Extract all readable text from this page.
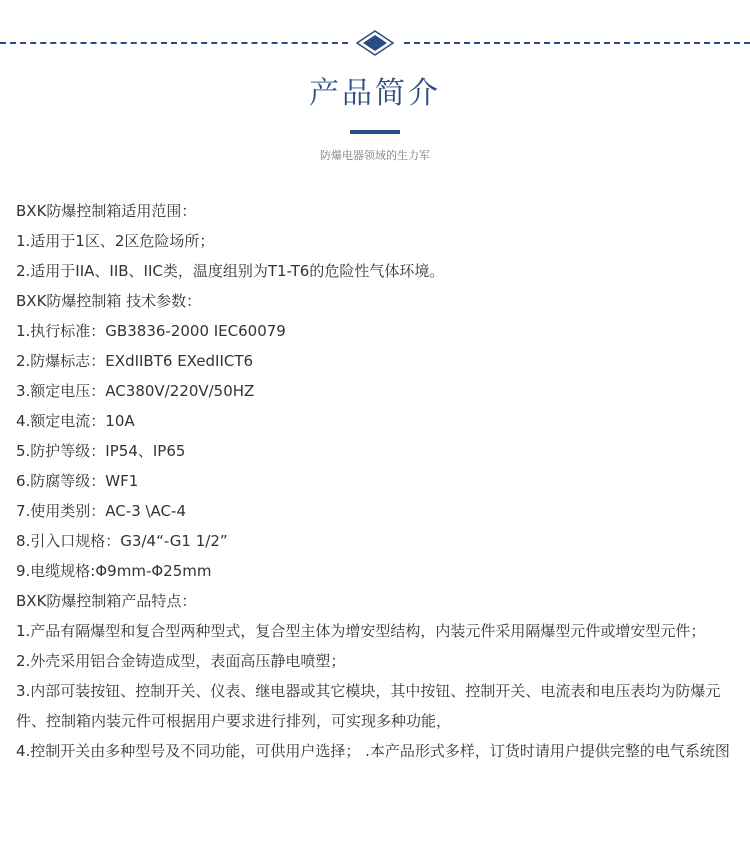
产品简介
防爆电器领域的生力军

BXK防爆控制箱适用范围：

1.适用于1区、2区危险场所；

2.适用于IIA、IIB、IIC类，温度组别为T1-T6的危险性气体环境。

BXK防爆控制箱 技术参数：

1.执行标准：GB3836-2000 IEC60079

2.防爆标志：EXdIIBT6 EXedIICT6

3.额定电压：AC380V/220V/50HZ

4.额定电流：10A

5.防护等级：IP54、IP65

6.防腐等级：WF1

7.使用类别：AC-3 \AC-4

8.引入口规格：G3/4“-G1 1/2”

9.电缆规格:Φ9mm-Φ25mm

BXK防爆控制箱产品特点：

1.产品有隔爆型和复合型两种型式，复合型主体为增安型结构，内装元件采用隔爆型元件或增安型元件；

2.外壳采用铝合金铸造成型，表面高压静电喷塑；

3.内部可装按钮、控制开关、仪表、继电器或其它模块，其中按钮、控制开关、电流表和电压表均为防爆元件、控制箱内装元件可根据用户要求进行排列，可实现多种功能，

4.控制开关由多种型号及不同功能，可供用户选择； .本产品形式多样，订货时请用户提供完整的电气系统图
